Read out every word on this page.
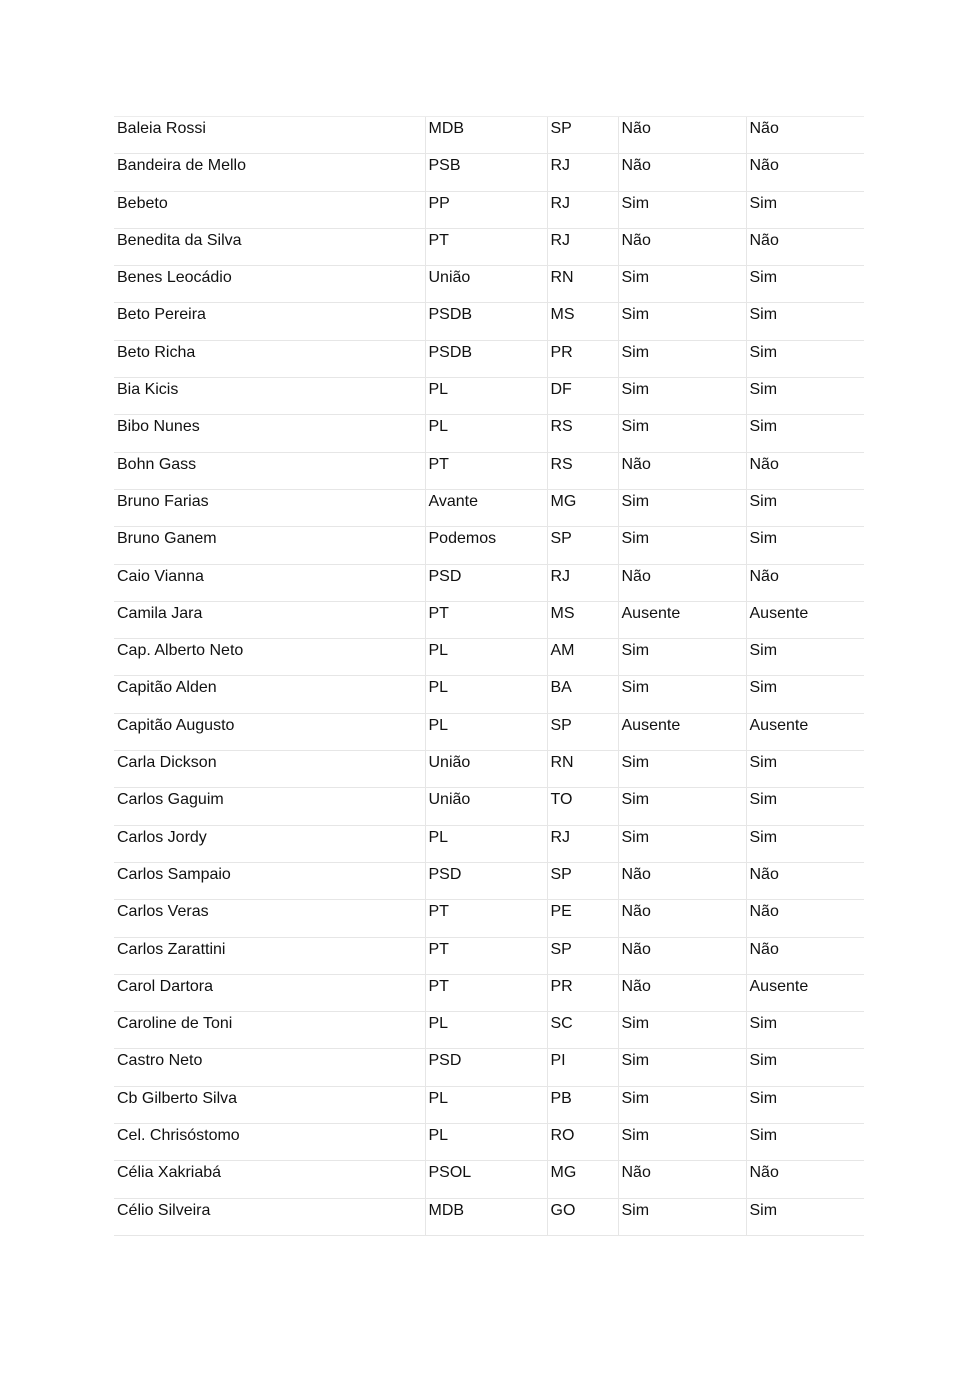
Baleia Rossi	MDB	SP	Não	Não
Bandeira de Mello	PSB	RJ	Não	Não
Bebeto	PP	RJ	Sim	Sim
Benedita da Silva	PT	RJ	Não	Não
Benes Leocádio	União	RN	Sim	Sim
Beto Pereira	PSDB	MS	Sim	Sim
Beto Richa	PSDB	PR	Sim	Sim
Bia Kicis	PL	DF	Sim	Sim
Bibo Nunes	PL	RS	Sim	Sim
Bohn Gass	PT	RS	Não	Não
Bruno Farias	Avante	MG	Sim	Sim
Bruno Ganem	Podemos	SP	Sim	Sim
Caio Vianna	PSD	RJ	Não	Não
Camila Jara	PT	MS	Ausente	Ausente
Cap. Alberto Neto	PL	AM	Sim	Sim
Capitão Alden	PL	BA	Sim	Sim
Capitão Augusto	PL	SP	Ausente	Ausente
Carla Dickson	União	RN	Sim	Sim
Carlos Gaguim	União	TO	Sim	Sim
Carlos Jordy	PL	RJ	Sim	Sim
Carlos Sampaio	PSD	SP	Não	Não
Carlos Veras	PT	PE	Não	Não
Carlos Zarattini	PT	SP	Não	Não
Carol Dartora	PT	PR	Não	Ausente
Caroline de Toni	PL	SC	Sim	Sim
Castro Neto	PSD	PI	Sim	Sim
Cb Gilberto Silva	PL	PB	Sim	Sim
Cel. Chrisóstomo	PL	RO	Sim	Sim
Célia Xakriabá	PSOL	MG	Não	Não
Célio Silveira	MDB	GO	Sim	Sim
